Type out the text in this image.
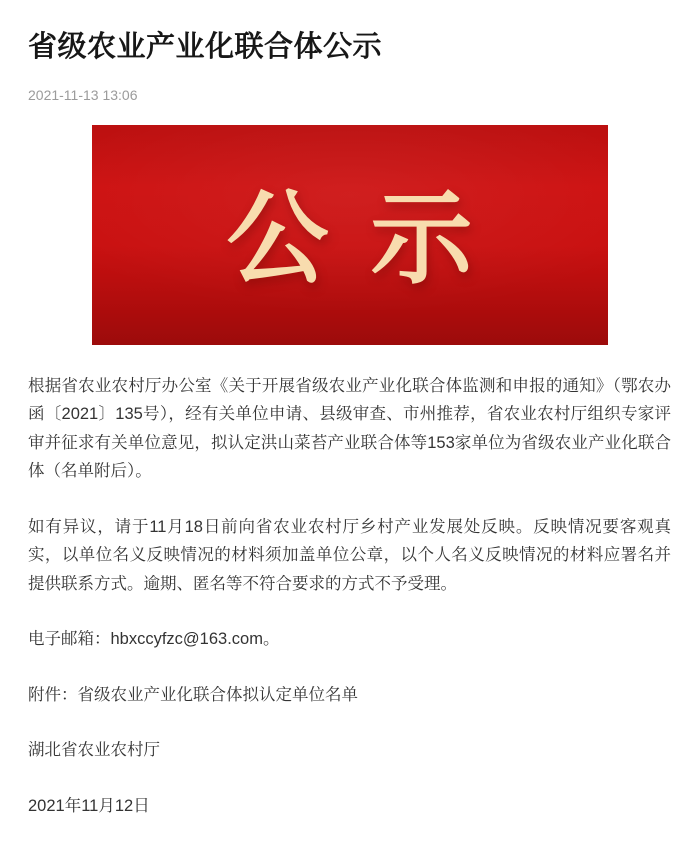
省级农业产业化联合体公示
2021-11-13 13:06
公示

根据省农业农村厅办公室《关于开展省级农业产业化联合体监测和申报的通知》（鄂农办函〔2021〕135号），经有关单位申请、县级审查、市州推荐，省农业农村厅组织专家评审并征求有关单位意见，拟认定洪山菜苔产业联合体等153家单位为省级农业产业化联合体（名单附后）。

如有异议，请于11月18日前向省农业农村厅乡村产业发展处反映。反映情况要客观真实，以单位名义反映情况的材料须加盖单位公章，以个人名义反映情况的材料应署名并提供联系方式。逾期、匿名等不符合要求的方式不予受理。

电子邮箱：hbxccyfzc@163.com。

附件：省级农业产业化联合体拟认定单位名单

湖北省农业农村厅

2021年11月12日
